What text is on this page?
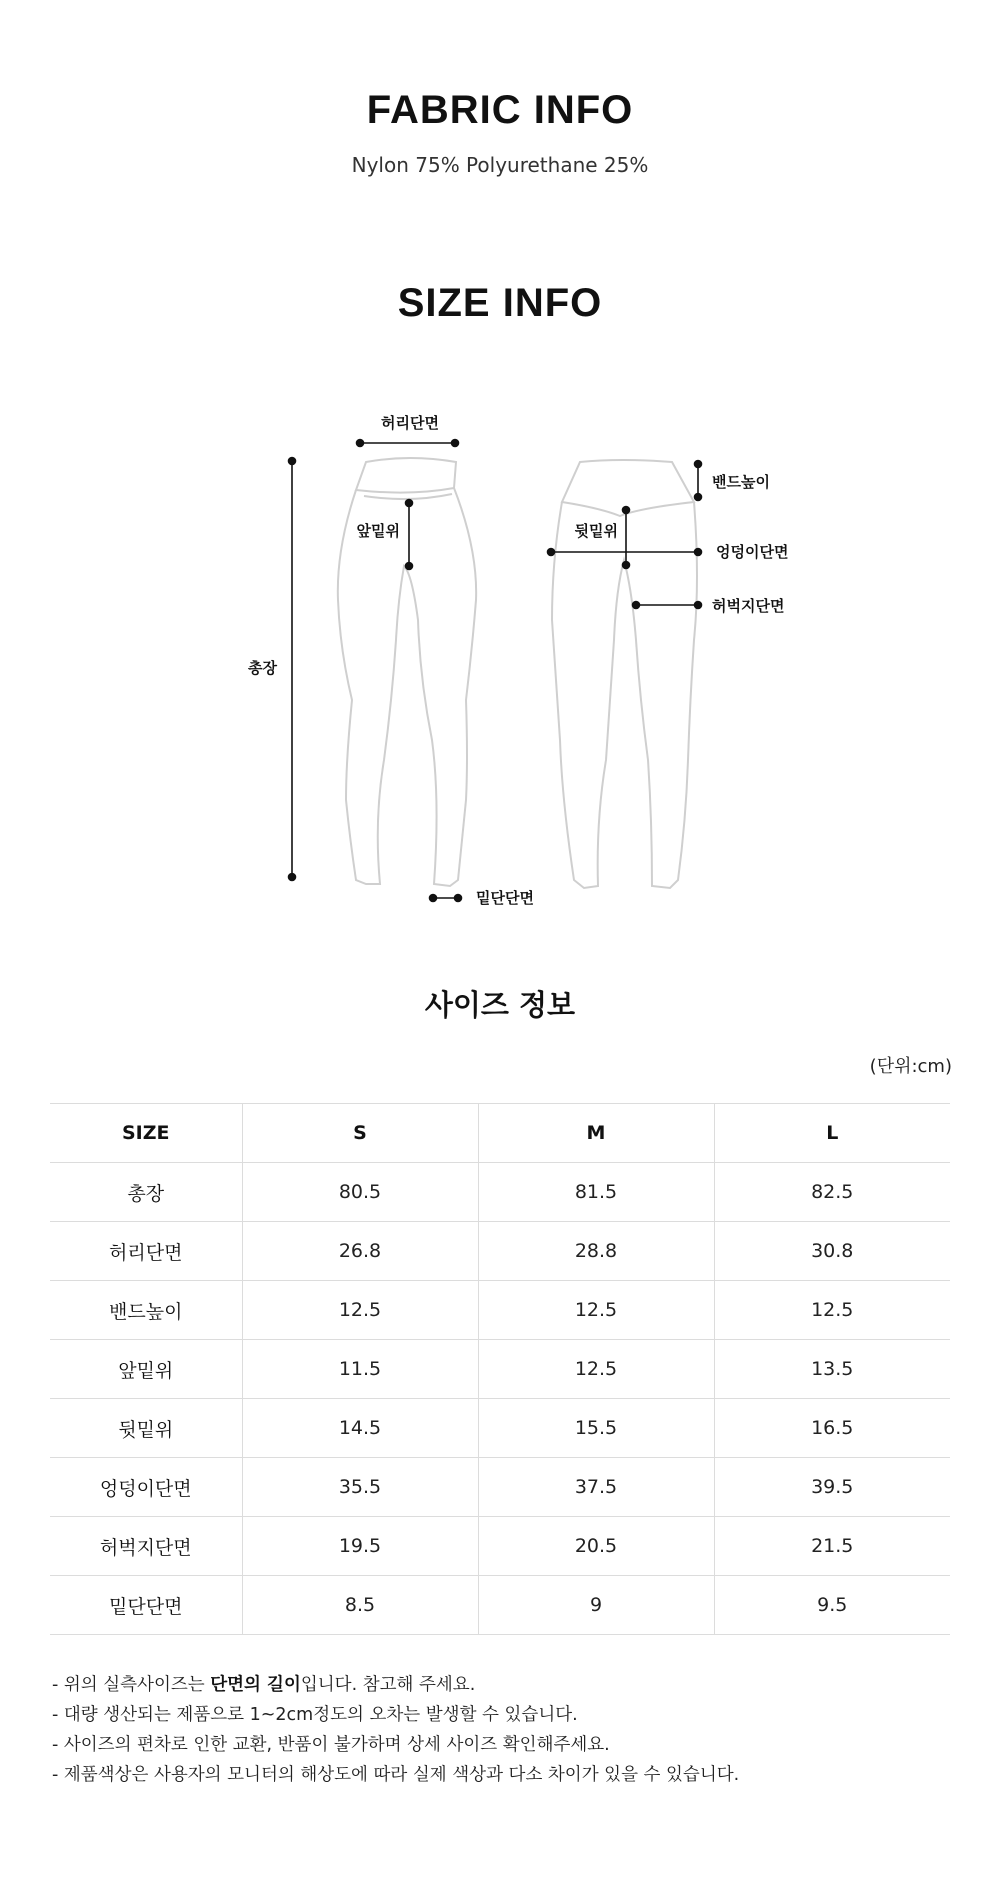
FABRIC INFO
Nylon 75% Polyurethane 25%
SIZE INFO
허리단면
앞밑위
총장
밑단단면
밴드높이
뒷밑위
엉덩이단면
허벅지단면
사이즈 정보
(단위:cm)
SIZE	S	M	L
총장	80.5	81.5	82.5
허리단면	26.8	28.8	30.8
밴드높이	12.5	12.5	12.5
앞밑위	11.5	12.5	13.5
뒷밑위	14.5	15.5	16.5
엉덩이단면	35.5	37.5	39.5
허벅지단면	19.5	20.5	21.5
밑단단면	8.5	9	9.5
- 위의 실측사이즈는 단면의 길이입니다. 참고해 주세요.
- 대량 생산되는 제품으로 1~2cm정도의 오차는 발생할 수 있습니다.
- 사이즈의 편차로 인한 교환, 반품이 불가하며 상세 사이즈 확인해주세요.
- 제품색상은 사용자의 모니터의 해상도에 따라 실제 색상과 다소 차이가 있을 수 있습니다.
